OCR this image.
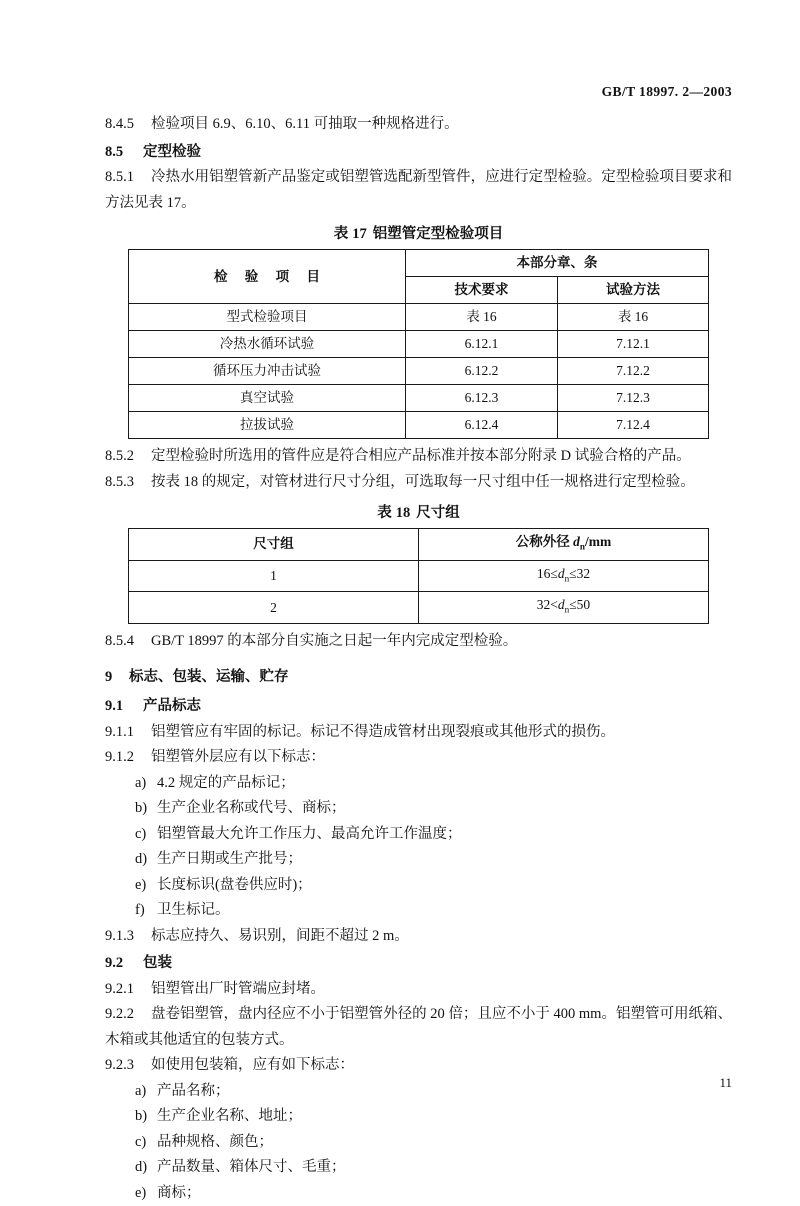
GB/T 18997. 2—2003

8.4.5 检验项目 6.9、6.10、6.11 可抽取一种规格进行。

8.5 定型检验

8.5.1 冷热水用铝塑管新产品鉴定或铝塑管选配新型管件，应进行定型检验。定型检验项目要求和方法见表 17。

表 17 铝塑管定型检验项目
检 验 项 目	本部分章、条	
	技术要求	试验方法
型式检验项目	表 16	表 16
冷热水循环试验	6.12.1	7.12.1
循环压力冲击试验	6.12.2	7.12.2
真空试验	6.12.3	7.12.3
拉拔试验	6.12.4	7.12.4

8.5.2 定型检验时所选用的管件应是符合相应产品标准并按本部分附录 D 试验合格的产品。

8.5.3 按表 18 的规定，对管材进行尺寸分组，可选取每一尺寸组中任一规格进行定型检验。

表 18 尺寸组
尺寸组	公称外径 $d_n/mm$
1	$16\le d_n\le 32$
2	$32<d_n\le 50$

8.5.4 GB/T 18997 的本部分自实施之日起一年内完成定型检验。

9 标志、包装、运输、贮存

9.1 产品标志

9.1.1 铝塑管应有牢固的标记。标记不得造成管材出现裂痕或其他形式的损伤。

9.1.2 铝塑管外层应有以下标志：

a) 4.2 规定的产品标记；
b) 生产企业名称或代号、商标；
c) 铝塑管最大允许工作压力、最高允许工作温度；
d) 生产日期或生产批号；
e) 长度标识(盘卷供应时)；
f) 卫生标记。

9.1.3 标志应持久、易识别，间距不超过 2 m。

9.2 包装

9.2.1 铝塑管出厂时管端应封堵。

9.2.2 盘卷铝塑管，盘内径应不小于铝塑管外径的 20 倍；且应不小于 400 mm。铝塑管可用纸箱、木箱或其他适宜的包装方式。

9.2.3 如使用包装箱，应有如下标志：

a) 产品名称；
b) 生产企业名称、地址；
c) 品种规格、颜色；
d) 产品数量、箱体尺寸、毛重；
e) 商标；
11
